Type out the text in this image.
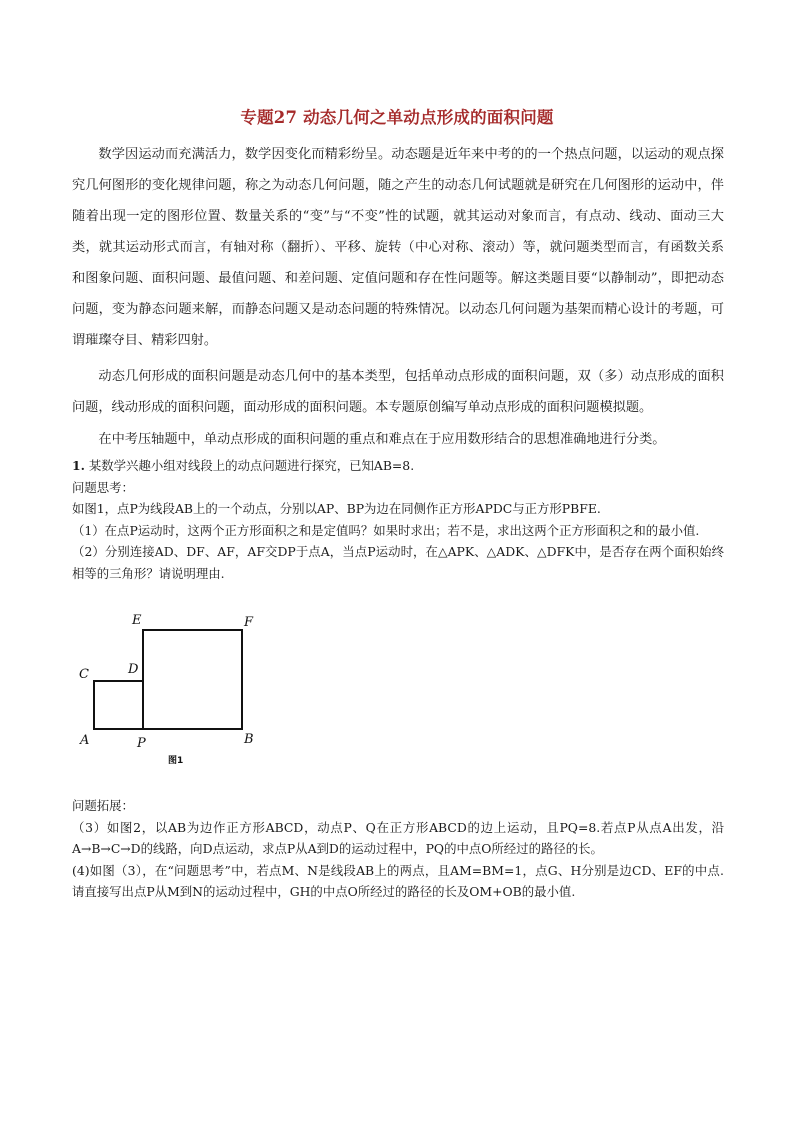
专题27 动态几何之单动点形成的面积问题

数学因运动而充满活力，数学因变化而精彩纷呈。动态题是近年来中考的的一个热点问题，以运动的观点探究几何图形的变化规律问题，称之为动态几何问题，随之产生的动态几何试题就是研究在几何图形的运动中，伴随着出现一定的图形位置、数量关系的“变”与“不变”性的试题，就其运动对象而言，有点动、线动、面动三大类，就其运动形式而言，有轴对称（翻折）、平移、旋转（中心对称、滚动）等，就问题类型而言，有函数关系和图象问题、面积问题、最值问题、和差问题、定值问题和存在性问题等。解这类题目要“以静制动”，即把动态问题，变为静态问题来解，而静态问题又是动态问题的特殊情况。以动态几何问题为基架而精心设计的考题，可谓璀璨夺目、精彩四射。

动态几何形成的面积问题是动态几何中的基本类型，包括单动点形成的面积问题，双（多）动点形成的面积问题，线动形成的面积问题，面动形成的面积问题。本专题原创编写单动点形成的面积问题模拟题。

在中考压轴题中，单动点形成的面积问题的重点和难点在于应用数形结合的思想准确地进行分类。

1. 某数学兴趣小组对线段上的动点问题进行探究，已知AB=8.

问题思考：

如图1，点P为线段AB上的一个动点，分别以AP、BP为边在同侧作正方形APDC与正方形PBFE.

（1）在点P运动时，这两个正方形面积之和是定值吗？如果时求出；若不是，求出这两个正方形面积之和的最小值.

（2）分别连接AD、DF、AF，AF交DP于点A，当点P运动时，在△APK、△ADK、△DFK中，是否存在两个面积始终相等的三角形？请说明理由.

E	F
D
C
A	P	B
图1

问题拓展：

（3）如图2，以AB为边作正方形ABCD，动点P、Q在正方形ABCD的边上运动，且PQ=8.若点P从点A出发，沿A→B→C→D的线路，向D点运动，求点P从A到D的运动过程中，PQ的中点O所经过的路径的长。

(4)如图（3），在“问题思考”中，若点M、N是线段AB上的两点，且AM=BM=1，点G、H分别是边CD、EF的中点.请直接写出点P从M到N的运动过程中，GH的中点O所经过的路径的长及OM+OB的最小值.
